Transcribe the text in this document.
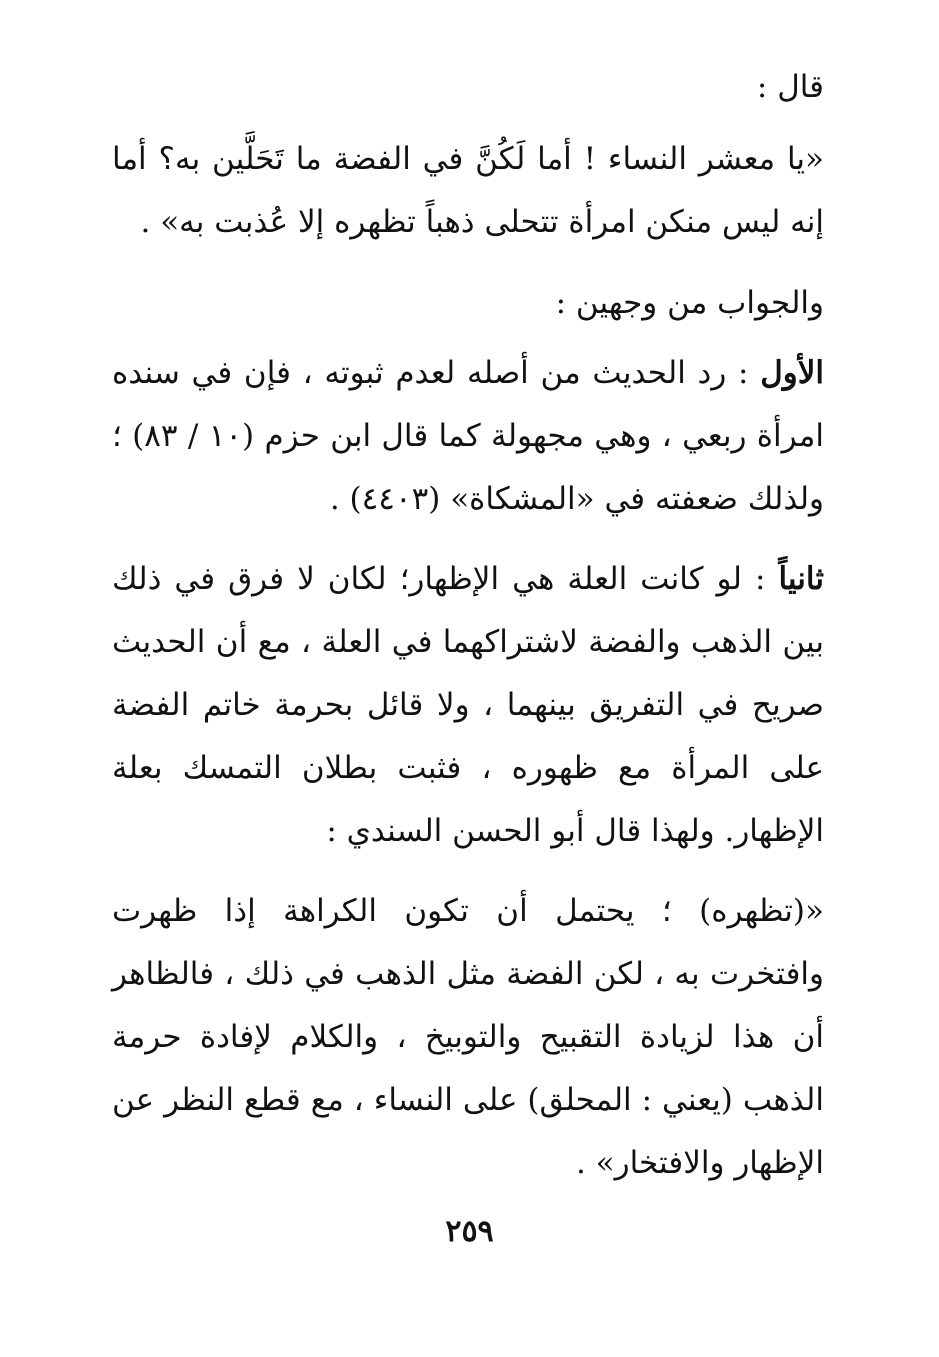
قال :

«يا معشر النساء ! أما لَكُنَّ في الفضة ما تَحَلَّين به؟ أما إنه ليس منكن امرأة تتحلى ذهباً تظهره إلا عُذبت به» .

والجواب من وجهين :

الأول : رد الحديث من أصله لعدم ثبوته ، فإن في سنده امرأة ربعي ، وهي مجهولة كما قال ابن حزم (١٠ / ٨٣) ؛ ولذلك ضعفته في «المشكاة» (٤٤٠٣) .

ثانياً : لو كانت العلة هي الإظهار؛ لكان لا فرق في ذلك بين الذهب والفضة لاشتراكهما في العلة ، مع أن الحديث صريح في التفريق بينهما ، ولا قائل بحرمة خاتم الفضة على المرأة مع ظهوره ، فثبت بطلان التمسك بعلة الإظهار. ولهذا قال أبو الحسن السندي :

«(تظهره) ؛ يحتمل أن تكون الكراهة إذا ظهرت وافتخرت به ، لكن الفضة مثل الذهب في ذلك ، فالظاهر أن هذا لزيادة التقبيح والتوبيخ ، والكلام لإفادة حرمة الذهب (يعني : المحلق) على النساء ، مع قطع النظر عن الإظهار والافتخار» .

٢٥٩
